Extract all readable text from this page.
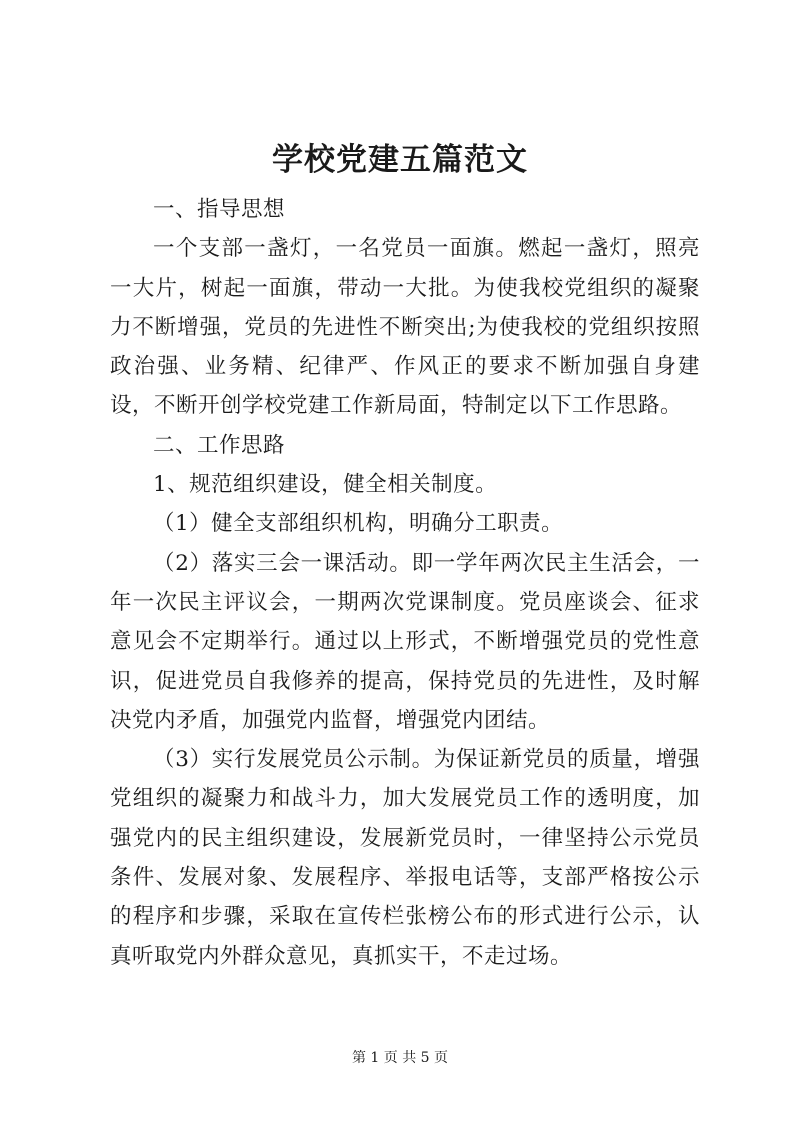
学校党建五篇范文

一、指导思想

一个支部一盏灯，一名党员一面旗。燃起一盏灯，照亮一大片，树起一面旗，带动一大批。为使我校党组织的凝聚力不断增强，党员的先进性不断突出;为使我校的党组织按照政治强、业务精、纪律严、作风正的要求不断加强自身建设，不断开创学校党建工作新局面，特制定以下工作思路。

二、工作思路

1、规范组织建设，健全相关制度。

（1）健全支部组织机构，明确分工职责。

（2）落实三会一课活动。即一学年两次民主生活会，一年一次民主评议会，一期两次党课制度。党员座谈会、征求意见会不定期举行。通过以上形式，不断增强党员的党性意识，促进党员自我修养的提高，保持党员的先进性，及时解决党内矛盾，加强党内监督，增强党内团结。

（3）实行发展党员公示制。为保证新党员的质量，增强党组织的凝聚力和战斗力，加大发展党员工作的透明度，加强党内的民主组织建设，发展新党员时，一律坚持公示党员条件、发展对象、发展程序、举报电话等，支部严格按公示的程序和步骤，采取在宣传栏张榜公布的形式进行公示，认真听取党内外群众意见，真抓实干，不走过场。

第 1 页 共 5 页
